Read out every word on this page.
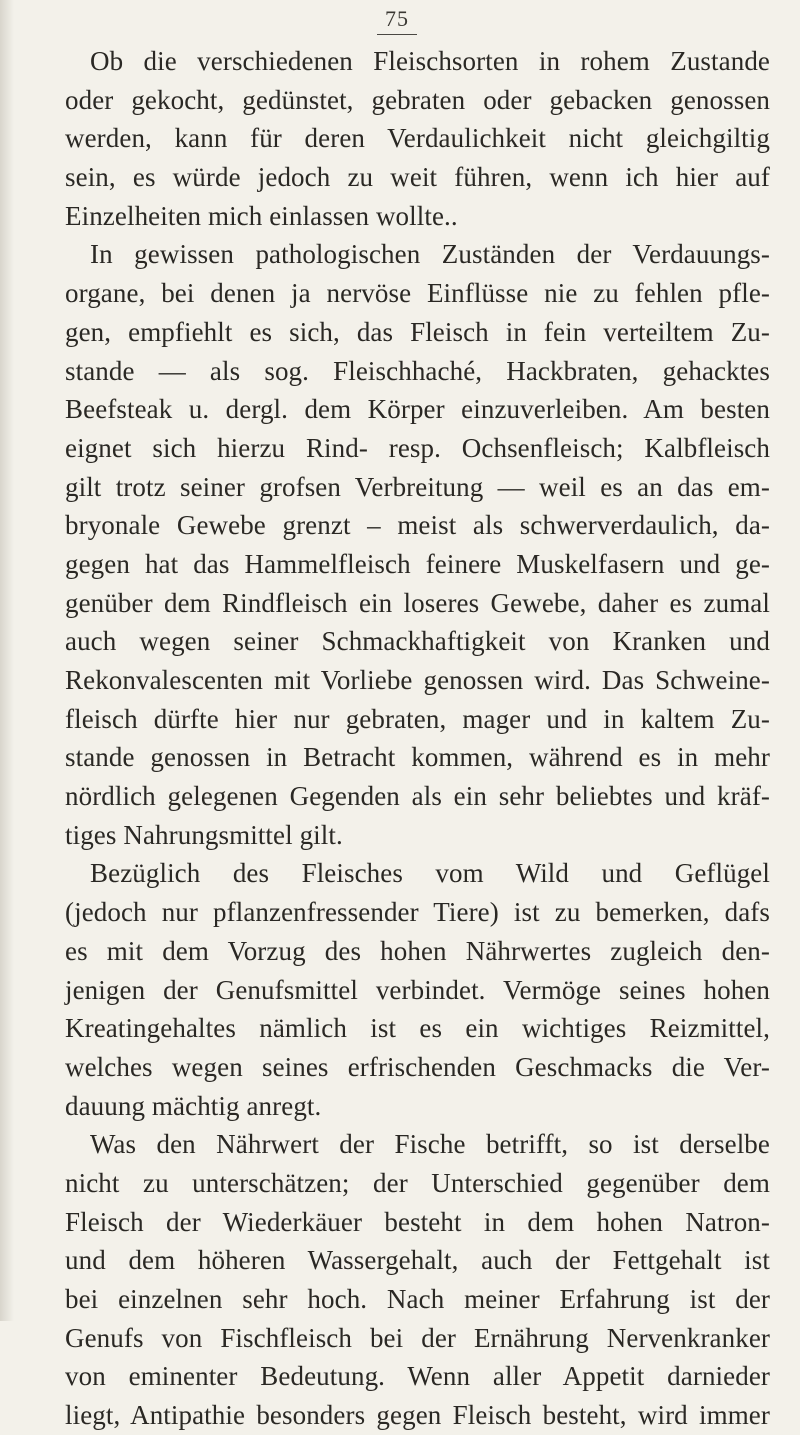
75
Ob die verschiedenen Fleischsorten in rohem Zustande
oder gekocht, gedünstet, gebraten oder gebacken genossen
werden, kann für deren Verdaulichkeit nicht gleichgiltig
sein, es würde jedoch zu weit führen, wenn ich hier auf
Einzelheiten mich einlassen wollte..
In gewissen pathologischen Zuständen der Verdauungs-
organe, bei denen ja nervöse Einflüsse nie zu fehlen pfle-
gen, empfiehlt es sich, das Fleisch in fein verteiltem Zu-
stande — als sog. Fleischhaché, Hackbraten, gehacktes
Beefsteak u. dergl. dem Körper einzuverleiben. Am besten
eignet sich hierzu Rind- resp. Ochsenfleisch; Kalbfleisch
gilt trotz seiner grofsen Verbreitung — weil es an das em-
bryonale Gewebe grenzt – meist als schwerverdaulich, da-
gegen hat das Hammelfleisch feinere Muskelfasern und ge-
genüber dem Rindfleisch ein loseres Gewebe, daher es zumal
auch wegen seiner Schmackhaftigkeit von Kranken und
Rekonvalescenten mit Vorliebe genossen wird. Das Schweine-
fleisch dürfte hier nur gebraten, mager und in kaltem Zu-
stande genossen in Betracht kommen, während es in mehr
nördlich gelegenen Gegenden als ein sehr beliebtes und kräf-
tiges Nahrungsmittel gilt.
Bezüglich des Fleisches vom Wild und Geflügel
(jedoch nur pflanzenfressender Tiere) ist zu bemerken, dafs
es mit dem Vorzug des hohen Nährwertes zugleich den-
jenigen der Genufsmittel verbindet. Vermöge seines hohen
Kreatingehaltes nämlich ist es ein wichtiges Reizmittel,
welches wegen seines erfrischenden Geschmacks die Ver-
dauung mächtig anregt.
Was den Nährwert der Fische betrifft, so ist derselbe
nicht zu unterschätzen; der Unterschied gegenüber dem
Fleisch der Wiederkäuer besteht in dem hohen Natron-
und dem höheren Wassergehalt, auch der Fettgehalt ist
bei einzelnen sehr hoch. Nach meiner Erfahrung ist der
Genufs von Fischfleisch bei der Ernährung Nervenkranker
von eminenter Bedeutung. Wenn aller Appetit darnieder
liegt, Antipathie besonders gegen Fleisch besteht, wird immer
